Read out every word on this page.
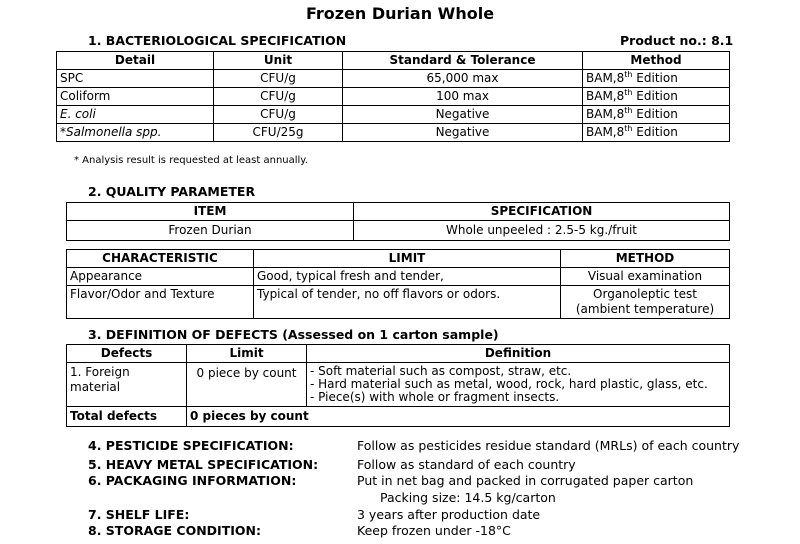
Frozen Durian Whole
1. BACTERIOLOGICAL SPECIFICATION	Product no.: 8.1
Detail	Unit	Standard & Tolerance	Method
SPC	CFU/g	65,000 max	BAM,8th Edition
Coliform	CFU/g	100 max	BAM,8th Edition
E. coli	CFU/g	Negative	BAM,8th Edition
*Salmonella spp.	CFU/25g	Negative	BAM,8th Edition
* Analysis result is requested at least annually.
2. QUALITY PARAMETER
ITEM	SPECIFICATION
Frozen Durian	Whole unpeeled : 2.5-5 kg./fruit
CHARACTERISTIC	LIMIT	METHOD
Appearance	Good, typical fresh and tender,	Visual examination
Flavor/Odor and Texture	Typical of tender, no off flavors or odors.	Organoleptic test (ambient temperature)
3. DEFINITION OF DEFECTS (Assessed on 1 carton sample)
Defects	Limit	Definition
1. Foreign material	0 piece by count	- Soft material such as compost, straw, etc.
- Hard material such as metal, wood, rock, hard plastic, glass, etc.
- Piece(s) with whole or fragment insects.

Total defects	0 pieces by count	
4. PESTICIDE SPECIFICATION:	Follow as pesticides residue standard (MRLs) of each country
5. HEAVY METAL SPECIFICATION:	Follow as standard of each country
6. PACKAGING INFORMATION:	Put in net bag and packed in corrugated paper carton
Packing size: 14.5 kg/carton
7. SHELF LIFE:	3 years after production date
8. STORAGE CONDITION:	Keep frozen under -18°C
